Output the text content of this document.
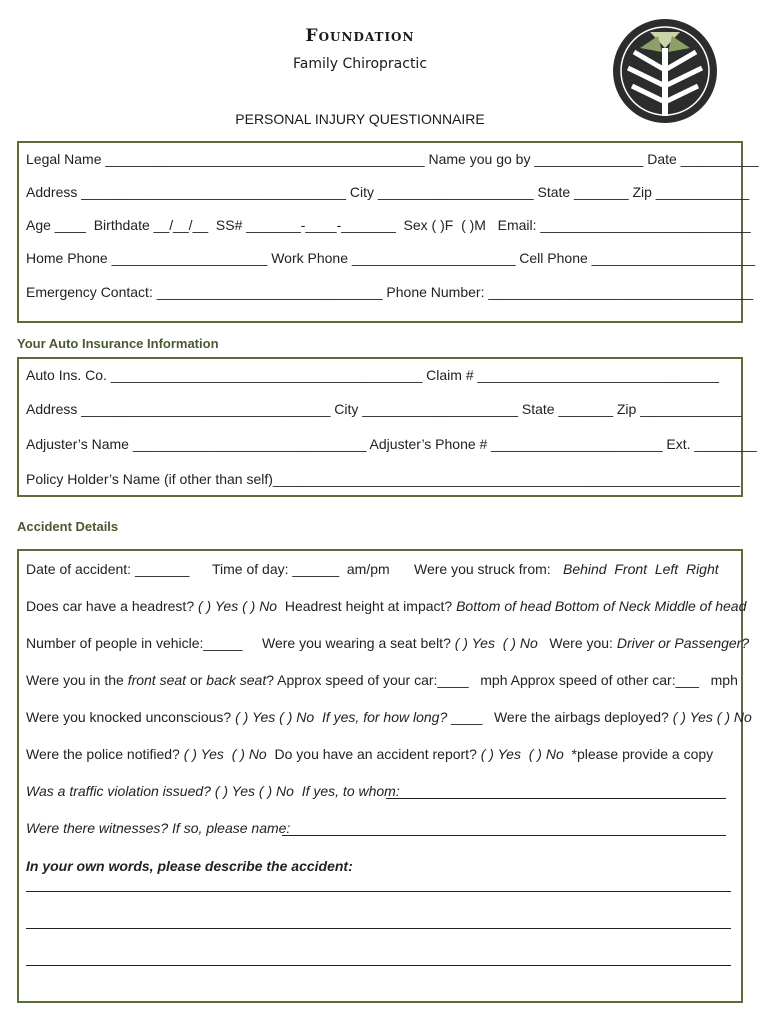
Foundation
Family Chiropractic
PERSONAL INJURY QUESTIONNAIRE
Legal Name _________________________________________ Name you go by ______________ Date __________
Address __________________________________ City ____________________ State _______ Zip ____________
Age ____  Birthdate __/__/__  SS# _______-____-_______  Sex ( )F  ( )M   Email: ___________________________
Home Phone ____________________ Work Phone _____________________ Cell Phone _____________________
Emergency Contact: _____________________________ Phone Number: __________________________________
Your Auto Insurance Information
Auto Ins. Co. ________________________________________ Claim # _______________________________
Address ________________________________ City ____________________ State _______ Zip _____________
Adjuster’s Name ______________________________ Adjuster’s Phone # ______________________ Ext. ________
Policy Holder’s Name (if other than self)____________________________________________________________
Accident Details
Date of accident: _______ Time of day: ______  am/pm Were you struck from: Behind  Front  Left  Right
Does car have a headrest? ( ) Yes ( ) No  Headrest height at impact? Bottom of head Bottom of Neck Middle of head
Number of people in vehicle:_____ Were you wearing a seat belt? ( ) Yes  ( ) No   Were you: Driver or Passenger?
Were you in the front seat or back seat? Approx speed of your car:____   mph Approx speed of other car:___   mph
Were you knocked unconscious? ( ) Yes ( ) No  If yes, for how long? ____   Were the airbags deployed? ( ) Yes ( ) No
Were the police notified? ( ) Yes  ( ) No  Do you have an accident report? ( ) Yes  ( ) No  *please provide a copy
Was a traffic violation issued? ( ) Yes ( ) No  If yes, to whom:
Were there witnesses? If so, please name:
In your own words, please describe the accident:
